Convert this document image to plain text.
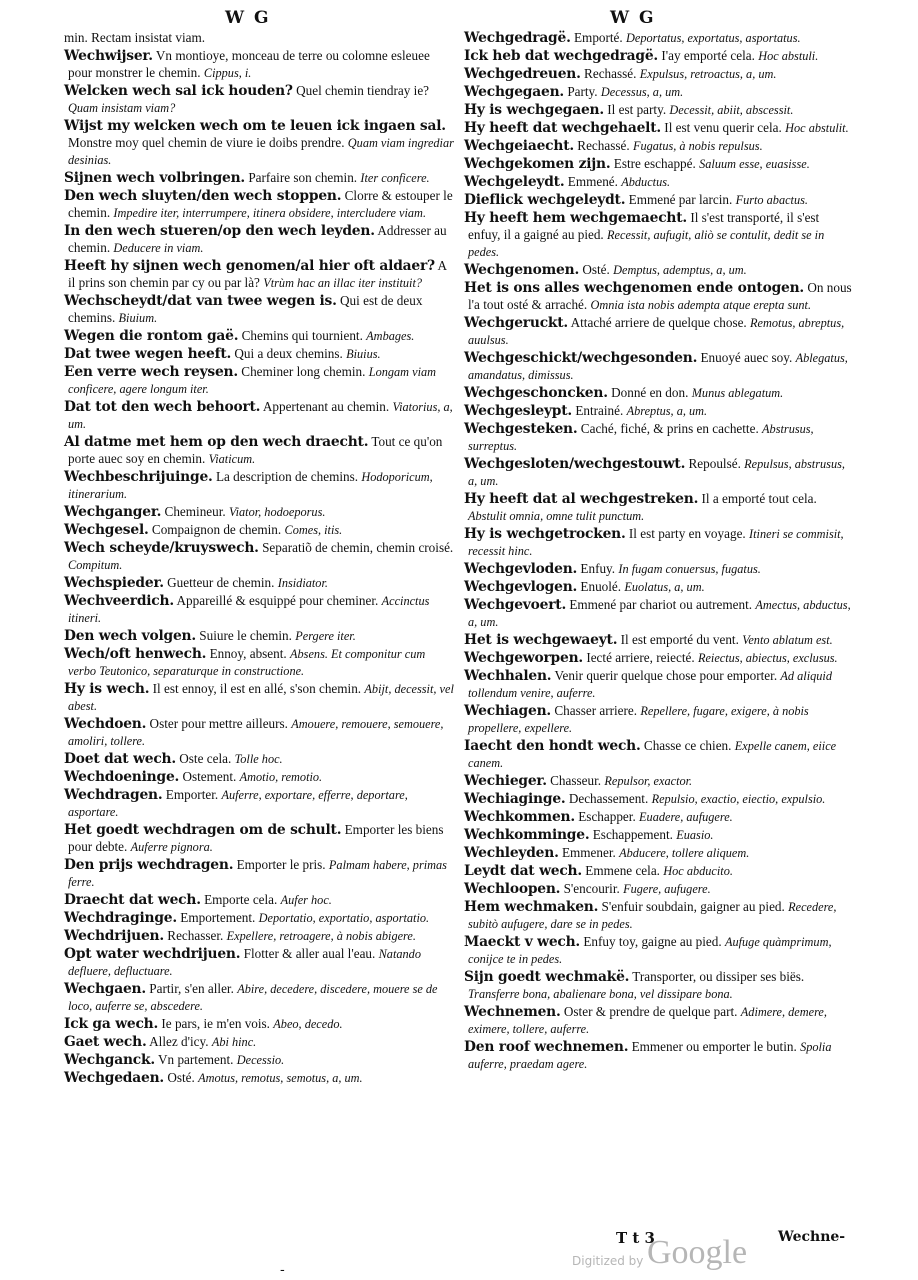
W G	W G
min. Rectam insistat viam.
Wechwijser. Vn montioye, monceau de terre ou colomne esleuee pour monstrer le chemin. Cippus, i.
Welcken wech sal ick houden? Quel chemin tiendray ie? Quam insistam viam?
Wijst my welcken wech om te leuen ick ingaen sal. Monstre moy quel chemin de viure ie doibs prendre. Quam viam ingrediar desinias.
Sijnen wech volbringen. Parfaire son chemin. Iter conficere.
Den wech sluyten/den wech stoppen. Clorre & estouper le chemin. Impedire iter, interrumpere, itinera obsidere, intercludere viam.
In den wech stueren/op den wech leyden. Addresser au chemin. Deducere in viam.
Heeft hy sijnen wech genomen/al hier oft aldaer? A il prins son chemin par cy ou par là? Vtrùm hac an illac iter instituit?
Wechscheydt/dat van twee wegen is. Qui est de deux chemins. Biuium.
Wegen die rontom gaë. Chemins qui tournient. Ambages.
Dat twee wegen heeft. Qui a deux chemins. Biuius.
Een verre wech reysen. Cheminer long chemin. Longam viam conficere, agere longum iter.
Dat tot den wech behoort. Appertenant au chemin. Viatorius, a, um.
Al datme met hem op den wech draecht. Tout ce qu'on porte auec soy en chemin. Viaticum.
Wechbeschrijuinge. La description de chemins. Hodoporicum, itinerarium.
Wechganger. Chemineur. Viator, hodoeporus.
Wechgesel. Compaignon de chemin. Comes, itis.
Wech scheyde/kruyswech. Separatiõ de chemin, chemin croisé. Compitum.
Wechspieder. Guetteur de chemin. Insidiator.
Wechveerdich. Appareillé & esquippé pour cheminer. Accinctus itineri.
Den wech volgen. Suiure le chemin. Pergere iter.
Wech/oft henwech. Ennoy, absent. Absens. Et componitur cum verbo Teutonico, separaturque in constructione.
Hy is wech. Il est ennoy, il est en allé, s'son chemin. Abijt, decessit, vel abest.
Wechdoen. Oster pour mettre ailleurs. Amouere, remouere, semouere, amoliri, tollere.
Doet dat wech. Oste cela. Tolle hoc.
Wechdoeninge. Ostement. Amotio, remotio.
Wechdragen. Emporter. Auferre, exportare, efferre, deportare, asportare.
Het goedt wechdragen om de schult. Emporter les biens pour debte. Auferre pignora.
Den prijs wechdragen. Emporter le pris. Palmam habere, primas ferre.
Draecht dat wech. Emporte cela. Aufer hoc.
Wechdraginge. Emportement. Deportatio, exportatio, asportatio.
Wechdrijuen. Rechasser. Expellere, retroagere, à nobis abigere.
Opt water wechdrijuen. Flotter & aller aual l'eau. Natando defluere, defluctuare.
Wechgaen. Partir, s'en aller. Abire, decedere, discedere, mouere se de loco, auferre se, abscedere.
Ick ga wech. Ie pars, ie m'en vois. Abeo, decedo.
Gaet wech. Allez d'icy. Abi hinc.
Wechganck. Vn partement. Decessio.
Wechgedaen. Osté. Amotus, remotus, semotus, a, um.
Wechgedragë. Emporté. Deportatus, exportatus, asportatus.
Ick heb dat wechgedragë. I'ay emporté cela. Hoc abstuli.
Wechgedreuen. Rechassé. Expulsus, retroactus, a, um.
Wechgegaen. Party. Decessus, a, um.
Hy is wechgegaen. Il est party. Decessit, abiit, abscessit.
Hy heeft dat wechgehaelt. Il est venu querir cela. Hoc abstulit.
Wechgeiaecht. Rechassé. Fugatus, à nobis repulsus.
Wechgekomen zijn. Estre eschappé. Saluum esse, euasisse.
Wechgeleydt. Emmené. Abductus.
Dieflick wechgeleydt. Emmené par larcin. Furto abactus.
Hy heeft hem wechgemaecht. Il s'est transporté, il s'est enfuy, il a gaigné au pied. Recessit, aufugit, aliò se contulit, dedit se in pedes.
Wechgenomen. Osté. Demptus, ademptus, a, um.
Het is ons alles wechgenomen ende ontogen. On nous l'a tout osté & arraché. Omnia ista nobis adempta atque erepta sunt.
Wechgeruckt. Attaché arriere de quelque chose. Remotus, abreptus, auulsus.
Wechgeschickt/wechgesonden. Enuoyé auec soy. Ablegatus, amandatus, dimissus.
Wechgeschoncken. Donné en don. Munus ablegatum.
Wechgesleypt. Entrainé. Abreptus, a, um.
Wechgesteken. Caché, fiché, & prins en cachette. Abstrusus, surreptus.
Wechgesloten/wechgestouwt. Repoulsé. Repulsus, abstrusus, a, um.
Hy heeft dat al wechgestreken. Il a emporté tout cela. Abstulit omnia, omne tulit punctum.
Hy is wechgetrocken. Il est party en voyage. Itineri se commisit, recessit hinc.
Wechgevloden. Enfuy. In fugam conuersus, fugatus.
Wechgevlogen. Enuolé. Euolatus, a, um.
Wechgevoert. Emmené par chariot ou autrement. Amectus, abductus, a, um.
Het is wechgewaeyt. Il est emporté du vent. Vento ablatum est.
Wechgeworpen. Iecté arriere, reiecté. Reiectus, abiectus, exclusus.
Wechhalen. Venir querir quelque chose pour emporter. Ad aliquid tollendum venire, auferre.
Wechiagen. Chasser arriere. Repellere, fugare, exigere, à nobis propellere, expellere.
Iaecht den hondt wech. Chasse ce chien. Expelle canem, eiice canem.
Wechieger. Chasseur. Repulsor, exactor.
Wechiaginge. Dechassement. Repulsio, exactio, eiectio, expulsio.
Wechkommen. Eschapper. Euadere, aufugere.
Wechkomminge. Eschappement. Euasio.
Wechleyden. Emmener. Abducere, tollere aliquem.
Leydt dat wech. Emmene cela. Hoc abducito.
Wechloopen. S'encourir. Fugere, aufugere.
Hem wechmaken. S'enfuir soubdain, gaigner au pied. Recedere, subitò aufugere, dare se in pedes.
Maeckt v wech. Enfuy toy, gaigne au pied. Aufuge quàmprimum, conijce te in pedes.
Sijn goedt wechmakë. Transporter, ou dissiper ses biës. Transferre bona, abalienare bona, vel dissipare bona.
Wechnemen. Oster & prendre de quelque part. Adimere, demere, eximere, tollere, auferre.
Den roof wechnemen. Emmener ou emporter le butin. Spolia auferre, praedam agere.
T t 3	Wechne-
-
Digitized by Google
